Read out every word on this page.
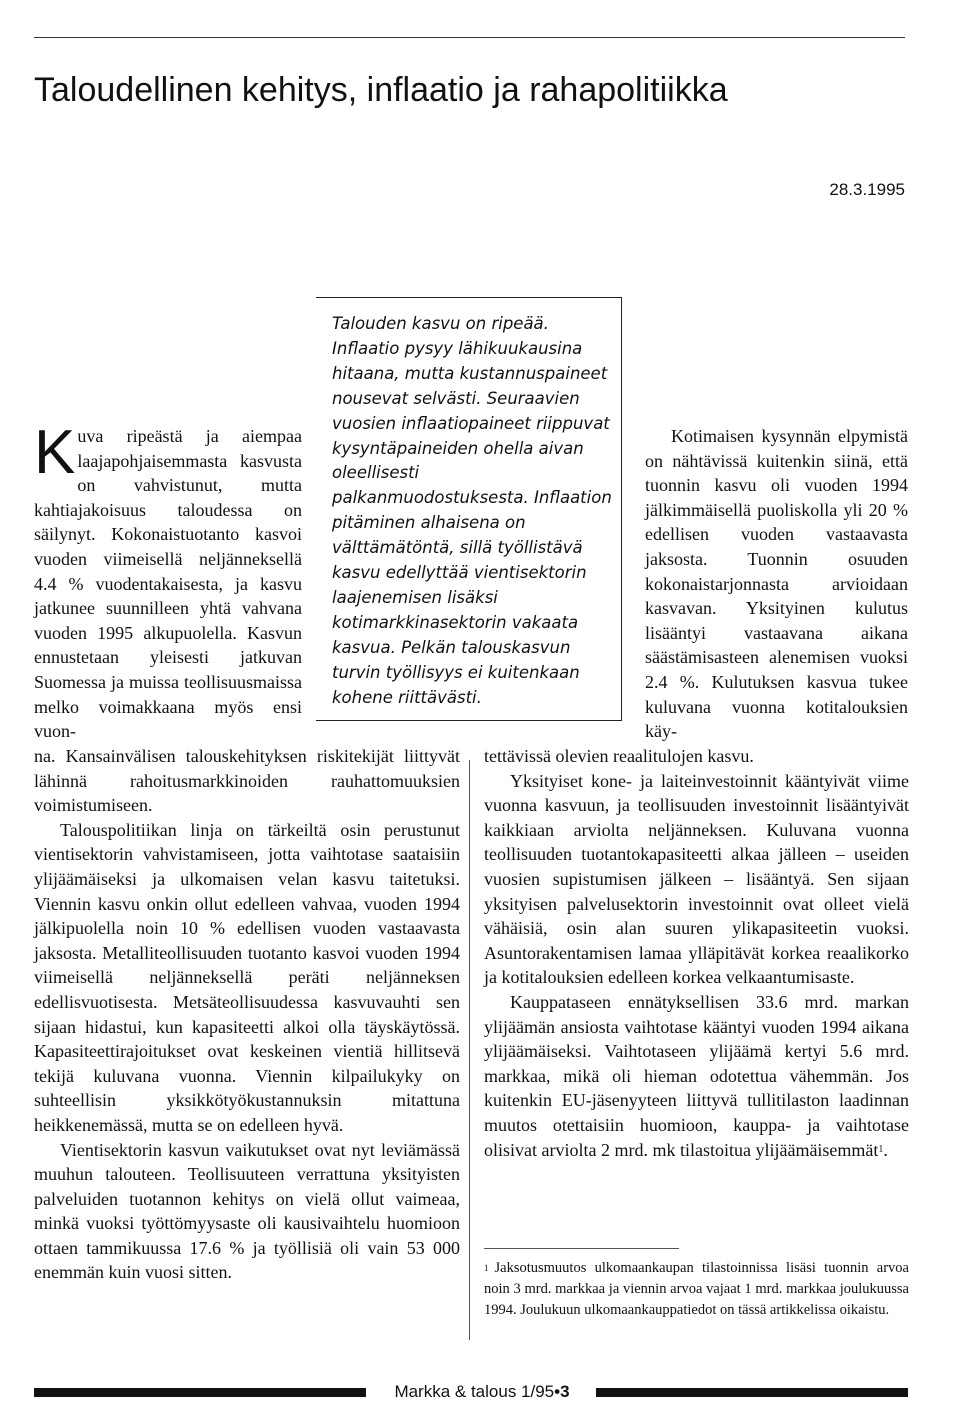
Taloudellinen kehitys, inflaatio ja rahapolitiikka
28.3.1995

Talouden kasvu on ripeää. Inflaatio pysyy lähikuukausina hitaana, mutta kustannuspaineet nousevat selvästi. Seuraavien vuosien inflaatiopaineet riippuvat kysyntäpaineiden ohella aivan oleellisesti palkanmuodostuksesta. Inflaation pitäminen alhaisena on välttämätöntä, sillä työllistävä kasvu edellyttää vientisektorin laajenemisen lisäksi kotimarkkinasektorin vakaata kasvua. Pelkän talouskasvun turvin työllisyys ei kuitenkaan kohene riittävästi.

Kuva ripeästä ja aiempaa laajapohjaisemmasta kasvusta on vahvistunut, mutta kahtiajakoisuus taloudessa on säilynyt. Kokonaistuotanto kasvoi vuoden viimeisellä neljänneksellä 4.4 % vuodentakaisesta, ja kasvu jatkunee suunnilleen yhtä vahvana vuoden 1995 alkupuolella. Kasvun ennustetaan yleisesti jatkuvan Suomessa ja muissa teollisuusmaissa melko voimakkaana myös ensi vuon-

na. Kansainvälisen talouskehityksen riskitekijät liittyvät lähinnä rahoitusmarkkinoiden rauhattomuuksien voimistumiseen.

Talouspolitiikan linja on tärkeiltä osin perustunut vientisektorin vahvistamiseen, jotta vaihtotase saataisiin ylijäämäiseksi ja ulkomaisen velan kasvu taitetuksi. Viennin kasvu onkin ollut edelleen vahvaa, vuoden 1994 jälkipuolella noin 10 % edellisen vuoden vastaavasta jaksosta. Metalliteollisuuden tuotanto kasvoi vuoden 1994 viimeisellä neljänneksellä peräti neljänneksen edellisvuotisesta. Metsäteollisuudessa kasvuvauhti sen sijaan hidastui, kun kapasiteetti alkoi olla täyskäytössä. Kapasiteettirajoitukset ovat keskeinen vientiä hillitsevä tekijä kuluvana vuonna. Viennin kilpailukyky on suhteellisin yksikkötyökustannuksin mitattuna heikkenemässä, mutta se on edelleen hyvä.

Vientisektorin kasvun vaikutukset ovat nyt leviämässä muuhun talouteen. Teollisuuteen verrattuna yksityisten palveluiden tuotannon kehitys on vielä ollut vaimeaa, minkä vuoksi työttömyysaste oli kausivaihtelu huomioon ottaen tammikuussa 17.6 % ja työllisiä oli vain 53 000 enemmän kuin vuosi sitten.

Kotimaisen kysynnän elpymistä on nähtävissä kuitenkin siinä, että tuonnin kasvu oli vuoden 1994 jälkimmäisellä puoliskolla yli 20 % edellisen vuoden vastaavasta jaksosta. Tuonnin osuuden kokonaistarjonnasta arvioidaan kasvavan. Yksityinen kulutus lisääntyi vastaavana aikana säästämisasteen alenemisen vuoksi 2.4 %. Kulutuksen kasvua tukee kuluvana vuonna kotitalouksien käy-

tettävissä olevien reaalitulojen kasvu.

Yksityiset kone- ja laiteinvestoinnit kääntyivät viime vuonna kasvuun, ja teollisuuden investoinnit lisääntyivät kaikkiaan arviolta neljänneksen. Kuluvana vuonna teollisuuden tuotantokapasiteetti alkaa jälleen – useiden vuosien supistumisen jälkeen – lisääntyä. Sen sijaan yksityisen palvelusektorin investoinnit ovat olleet vielä vähäisiä, osin alan suuren ylikapasiteetin vuoksi. Asuntorakentamisen lamaa ylläpitävät korkea reaalikorko ja kotitalouksien edelleen korkea velkaantumisaste.

Kauppataseen ennätyksellisen 33.6 mrd. markan ylijäämän ansiosta vaihtotase kääntyi vuoden 1994 aikana ylijäämäiseksi. Vaihtotaseen ylijäämä kertyi 5.6 mrd. markkaa, mikä oli hieman odotettua vähemmän. Jos kuitenkin EU-jäsenyyteen liittyvä tullitilaston laadinnan muutos otettaisiin huomioon, kauppa- ja vaihtotase olisivat arviolta 2 mrd. mk tilastoitua ylijäämäisemmät$^1$.

$^1$ Jaksotusmuutos ulkomaankaupan tilastoinnissa lisäsi tuonnin arvoa noin 3 mrd. markkaa ja viennin arvoa vajaat 1 mrd. markkaa joulukuussa 1994. Joulukuun ulkomaankauppatiedot on tässä artikkelissa oikaistu.
Markka & talous 1/95•3
